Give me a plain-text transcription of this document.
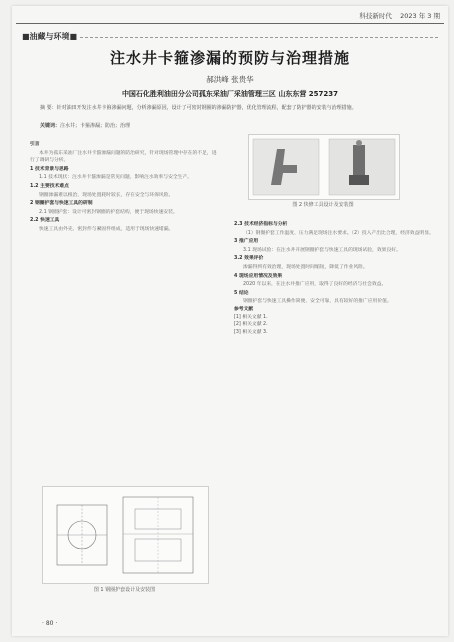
科技新时代 2023 年 3 期
■油藏与环境■
注水井卡箍渗漏的预防与治理措施
郝洪峰 张贵华
中国石化胜利油田分公司孤东采油厂采油管理三区 山东东营 257237
摘 要：针对油田开发注水井卡箍渗漏问题，分析渗漏原因，设计了可密封钢圈的渗漏防护器，优化管理流程，配套了防护器的安装与治理措施。
关键词：注水井；卡箍渗漏；防治；治理
引言
本井为孤东采油厂注水井卡箍渗漏问题的防治研究，针对现场管理中存在的不足，进行了调研与分析。
1 技术背景与思路
1.1 技术现状：注水井卡箍渗漏是常见问题，影响注水效率与安全生产。
1.2 主要技术难点
钢圈渗漏难以根治，现场处置耗时较长，存在安全与环保风险。
2 钢圈护套与快速工具的研制
2.1 钢圈护套：设计可密封钢圈的护套结构，便于现场快速安装。
2.2 快速工具
快速工具由外壳、密封件与紧固件组成，适用于现场快速堵漏。
图 1 钢圈护套设计及安装图
图 2 快修工具设计及安装图
2.3 技术经济指标与分析
（1）钢圈护套工作温度、压力满足现场注水要求。（2）投入产出比合理，经济效益明显。
3 推广应用
3.1 现场试验：在注水井开展钢圈护套与快速工具的现场试验，效果良好。
3.2 效果评价
渗漏得到有效治理，现场处置时间缩短，降低了作业风险。
4 现场应用情况及效果
2020 年以来，在注水井推广应用，取得了良好的经济与社会效益。
5 结论
钢圈护套与快速工具操作简便、安全可靠，具有较好的推广应用价值。
参考文献
[1] 相关文献 1.
[2] 相关文献 2.
[3] 相关文献 3.
· 80 ·
